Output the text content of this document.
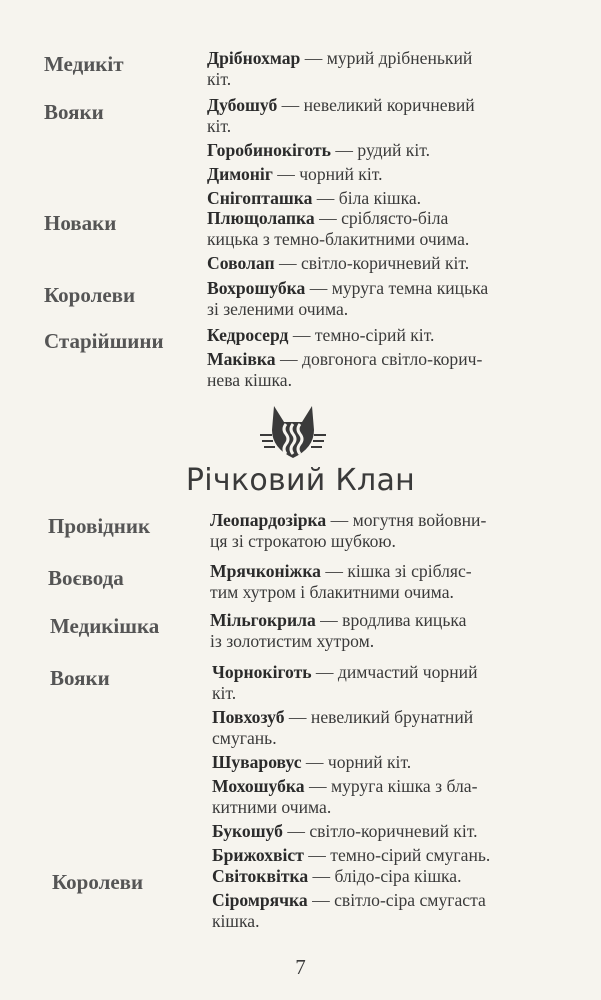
Медикіт	Дрібнохмар — мурий дрібненький
кіт.
Вояки	Дубошуб — невеликий коричневий
кіт.
Горобинокіготь — рудий кіт.
Димоніг — чорний кіт.
Снігопташка — біла кішка.
Новаки	Плющолапка — сріблясто-біла
кицька з темно-блакитними очима.
Соволап — світло-коричневий кіт.
Королеви	Вохрошубка — муруга темна кицька
зі зеленими очима.
Старійшини Кедросерд — темно-сірий кіт.
Маківка — довгонога світло-корич-
нева кішка.
Річковий Клан
Провідник	Леопардозірка — могутня войовни-
ця зі строкатою шубкою.
Воєвода	Мрячконіжка — кішка зі срібляс-
тим хутром і блакитними очима.
Медикішка	Мільгокрила — вродлива кицька
із золотистим хутром.
Вояки	Чорнокіготь — димчастий чорний
кіт.
Повхозуб — невеликий брунатний
смугань.
Шуваровус — чорний кіт.
Мохошубка — муруга кішка з бла-
китними очима.
Букошуб — світло-коричневий кіт.
Брижохвіст — темно-сірий смугань.
Королеви	Світоквітка — блідо-сіра кішка.
Сіромрячка — світло-сіра смугаста
кішка.
7
